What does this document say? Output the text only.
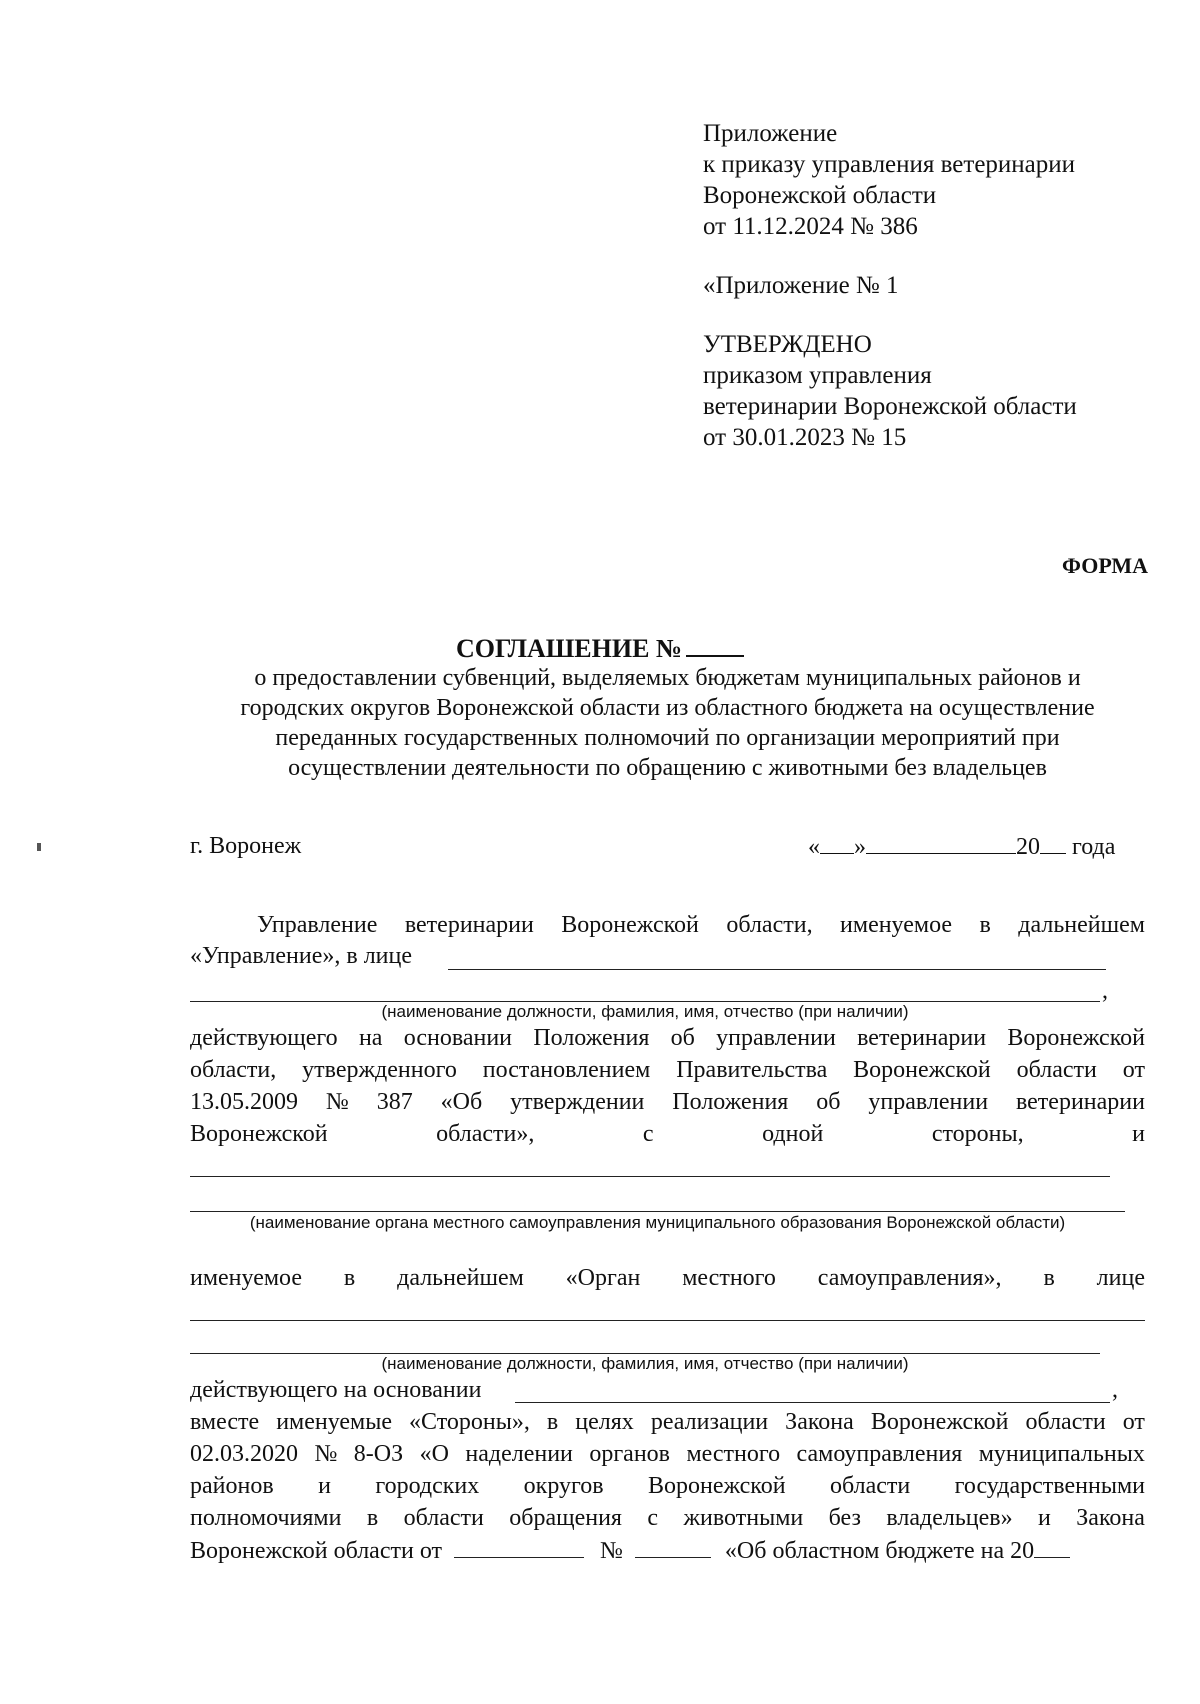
Приложение
к приказу управления ветеринарии
Воронежской области
от 11.12.2024 № 386
«Приложение № 1
УТВЕРЖДЕНО
приказом управления
ветеринарии Воронежской области
от 30.01.2023 № 15
ФОРМА
СОГЛАШЕНИЕ №
о предоставлении субвенций, выделяемых бюджетам муниципальных районов и
городских округов Воронежской области из областного бюджета на осуществление
переданных государственных полномочий по организации мероприятий при
осуществлении деятельности по обращению с животными без владельцев
г. Воронеж	« »	20 года
Управление ветеринарии Воронежской области, именуемое в дальнейшем
«Управление», в лице
,
(наименование должности, фамилия, имя, отчество (при наличии)
действующего на основании Положения об управлении ветеринарии Воронежской
области, утвержденного постановлением Правительства Воронежской области от
13.05.2009 № 387 «Об утверждении Положения об управлении ветеринарии
Воронежской	области»,	с	одной	стороны,	и
(наименование органа местного самоуправления муниципального образования Воронежской области)
именуемое в дальнейшем «Орган местного самоуправления», в лице
(наименование должности, фамилия, имя, отчество (при наличии)
действующего на основании	,
вместе именуемые «Стороны», в целях реализации Закона Воронежской области от
02.03.2020 № 8-ОЗ «О наделении органов местного самоуправления муниципальных
районов и городских округов Воронежской области государственными
полномочиями в области обращения с животными без владельцев» и Закона
Воронежской области от	№	«Об областном бюджете на 20
